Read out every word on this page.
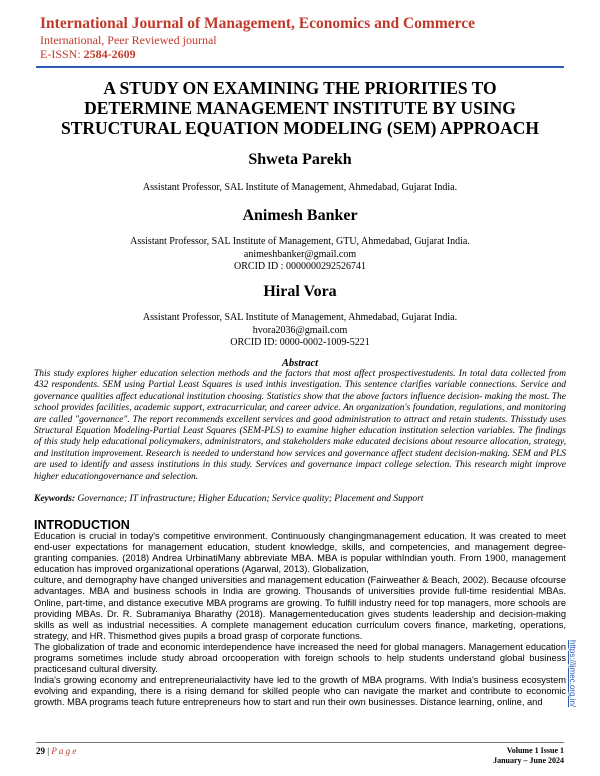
International Journal of Management, Economics and Commerce
International, Peer Reviewed journal
E-ISSN: 2584-2609
A STUDY ON EXAMINING THE PRIORITIES TO DETERMINE MANAGEMENT INSTITUTE BY USING STRUCTURAL EQUATION MODELING (SEM) APPROACH
Shweta Parekh
Assistant Professor, SAL Institute of Management, Ahmedabad, Gujarat India.
Animesh Banker
Assistant Professor, SAL Institute of Management, GTU, Ahmedabad, Gujarat India.
animeshbanker@gmail.com
ORCID ID : 0000000292526741
Hiral Vora
Assistant Professor, SAL Institute of Management, Ahmedabad, Gujarat India.
hvora2036@gmail.com
ORCID ID: 0000-0002-1009-5221
Abstract
This study explores higher education selection methods and the factors that most affect prospectivestudents. In total data collected from 432 respondents. SEM using Partial Least Squares is used inthis investigation. This sentence clarifies variable connections. Service and governance qualities affect educational institution choosing. Statistics show that the above factors influence decision- making the most. The school provides facilities, academic support, extracurricular, and career advice. An organization's foundation, regulations, and monitoring are called "governance". The report recommends excellent services and good administration to attract and retain students. Thisstudy uses Structural Equation Modeling-Partial Least Squares (SEM-PLS) to examine higher education institution selection variables. The findings of this study help educational policymakers, administrators, and stakeholders make educated decisions about resource allocation, strategy, and institution improvement. Research is needed to understand how services and governance affect student decision-making. SEM and PLS are used to identify and assess institutions in this study. Services and governance impact college selection. This research might improve higher educationgovernance and selection.
Keywords: Governance; IT infrastructure; Higher Education; Service quality; Placement and Support
INTRODUCTION

Education is crucial in today's competitive environment. Continuously changingmanagement education. It was created to meet end-user expectations for management education, student knowledge, skills, and competencies, and management degree-granting companies. (2018) Andrea UrbinatiMany abbreviate MBA. MBA is popular withIndian youth. From 1900, management education has improved organizational operations (Agarwal, 2013). Globalization,

culture, and demography have changed universities and management education (Fairweather & Beach, 2002). Because ofcourse advantages. MBA and business schools in India are growing. Thousands of universities provide full-time residential MBAs. Online, part-time, and distance executive MBA programs are growing. To fulfill industry need for top managers, more schools are providing MBAs. Dr. R. Subramaniya Bharathy (2018). Managementeducation gives students leadership and decision-making skills as well as industrial necessities. A complete management education curriculum covers finance, marketing, operations, strategy, and HR. Thismethod gives pupils a broad grasp of corporate functions.

The globalization of trade and economic interdependence have increased the need for global managers. Management education programs sometimes include study abroad orcooperation with foreign schools to help students understand global business practicesand cultural diversity.

India's growing economy and entrepreneurialactivity have led to the growth of MBA programs. With India's business ecosystem evolving and expanding, there is a rising demand for skilled people who can navigate the market and contribute to economic growth. MBA programs teach future entrepreneurs how to start and run their own businesses. Distance learning, online, and	https://ijmec.org.in/
29 | P a g e	Volume 1 Issue 1
January – June 2024
